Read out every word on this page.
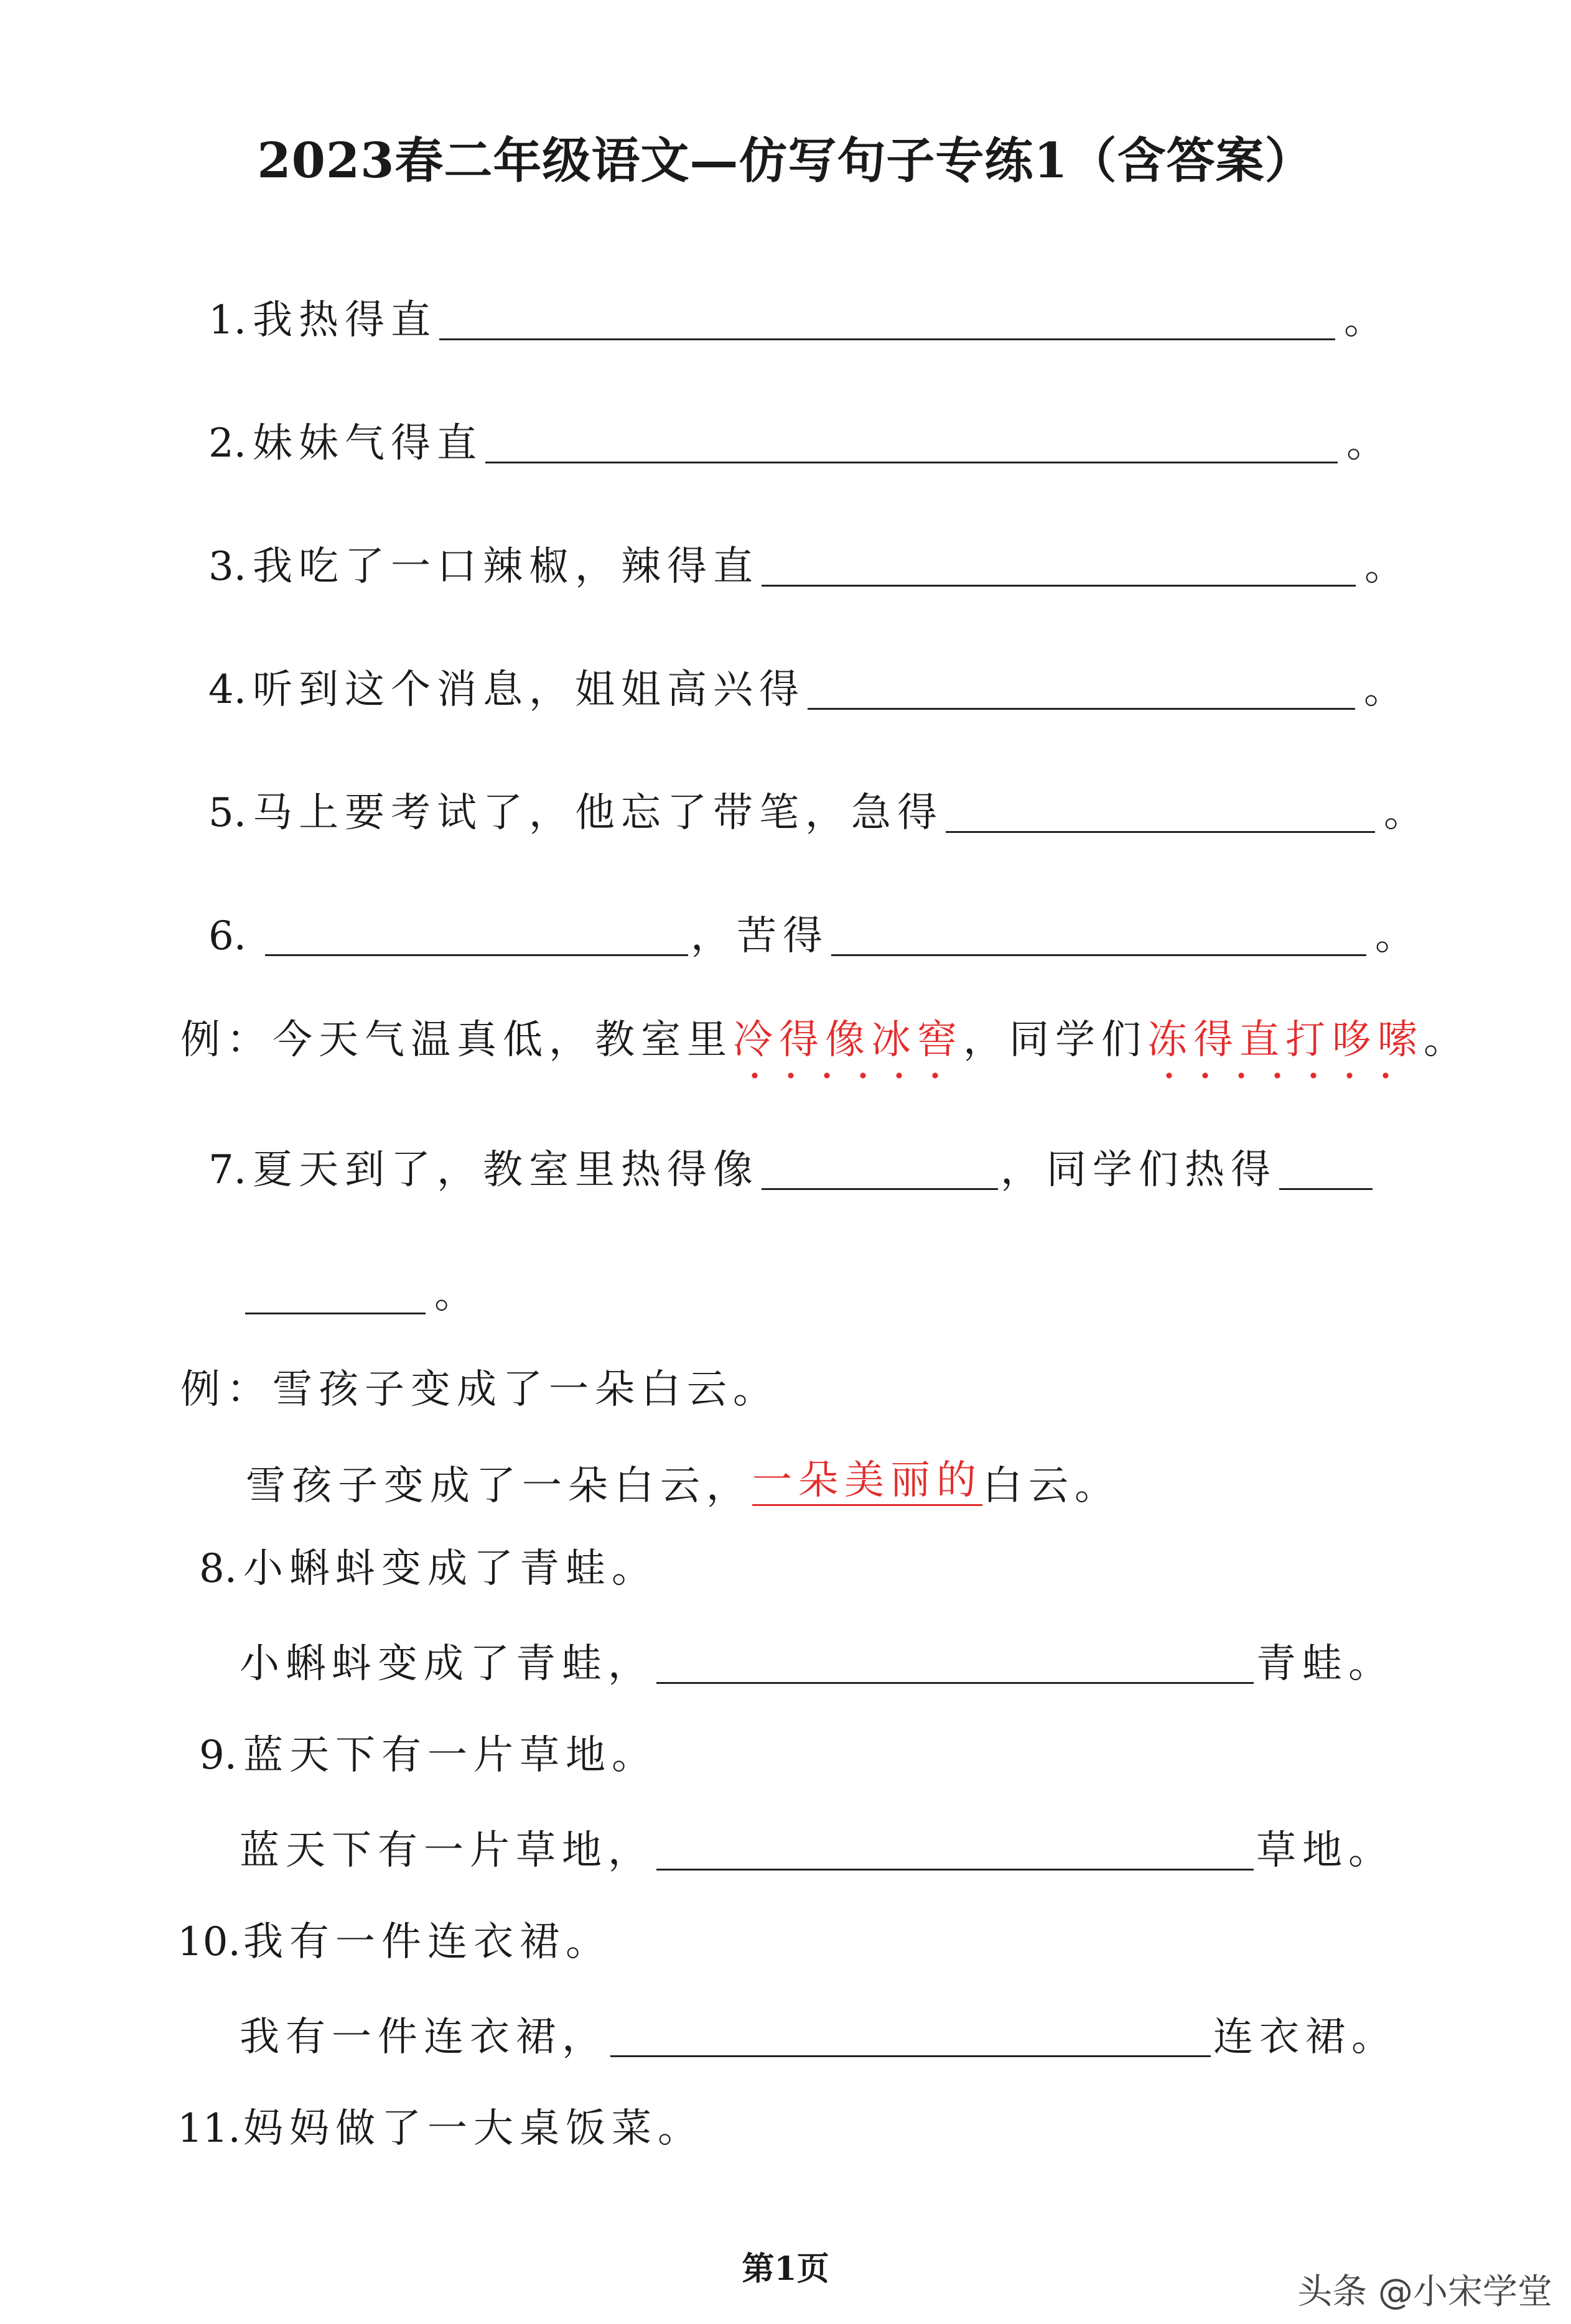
2023春二年级语文—仿写句子专练1（含答案）
1. 我热得直	。
2. 妹妹气得直	。
3. 我吃了一口辣椒，辣得直	。
4. 听到这个消息，姐姐高兴得	。
5. 马上要考试了，他忘了带笔，急得	。
6.	，苦得	。
例： 今天气温真低，教室里 冷得像冰窖 ，同学们 冻得直打哆嗦 。
7. 夏天到了，教室里热得像	，同学们热得
。
例： 雪孩子变成了一朵白云。
雪孩子变成了一朵白云， 一朵美丽的 白云。
8. 小蝌蚪变成了青蛙。
小蝌蚪变成了青蛙，	青蛙。
9. 蓝天下有一片草地。
蓝天下有一片草地，	草地。
10. 我有一件连衣裙。
我有一件连衣裙，	连衣裙。
11. 妈妈做了一大桌饭菜。
第1页
头条 @小宋学堂
